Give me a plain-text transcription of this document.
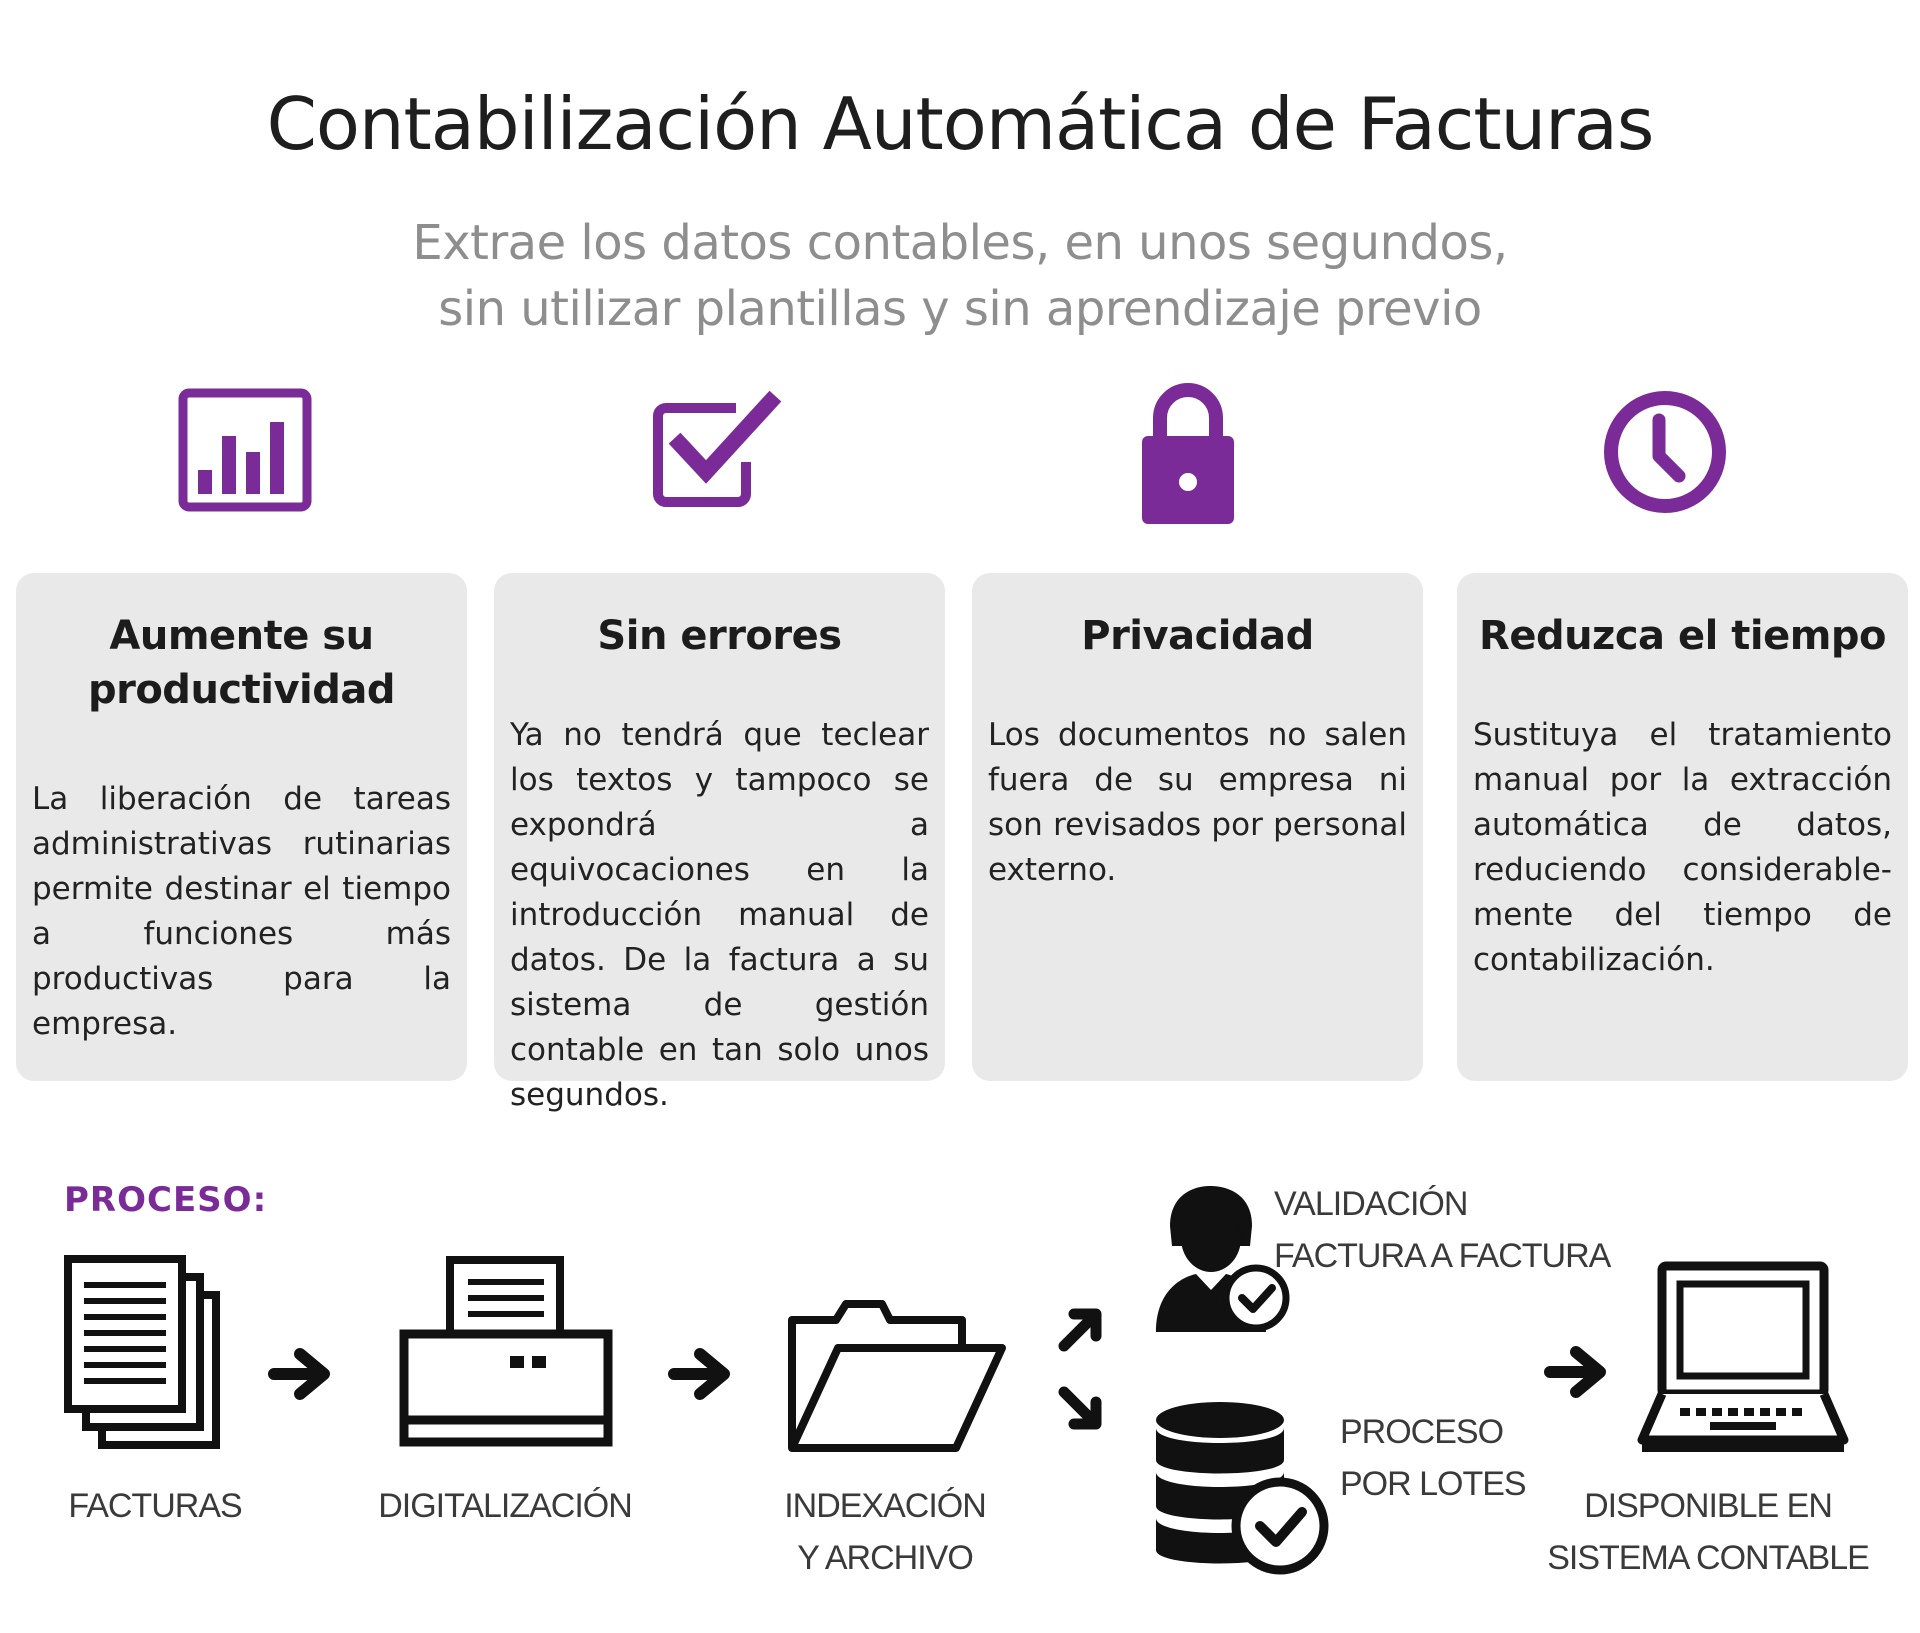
Contabilización Automática de Facturas
Extrae los datos contables, en unos segundos,
sin utilizar plantillas y sin aprendizaje previo
Aumente su
productividad

La liberación de tareas administrativas rutinarias permite destinar el tiempo a funciones más productivas para la empresa.

Sin errores

Ya no tendrá que teclear los textos y tampoco se expondrá a equivocaciones en la introducción manual de datos. De la factura a su sistema de gestión contable en tan solo unos segundos.

Privacidad

Los documentos no salen fuera de su empresa ni son revisados por personal externo.

Reduzca el tiempo

Sustituya el tratamiento manual por la extracción automática de datos, reduciendo considerable-mente del tiempo de contabilización.

PROCESO:
FACTURAS	DIGITALIZACIÓN	INDEXACIÓN
Y ARCHIVO
VALIDACIÓN
FACTURA A FACTURA
PROCESO
POR LOTES
DISPONIBLE EN
SISTEMA CONTABLE
